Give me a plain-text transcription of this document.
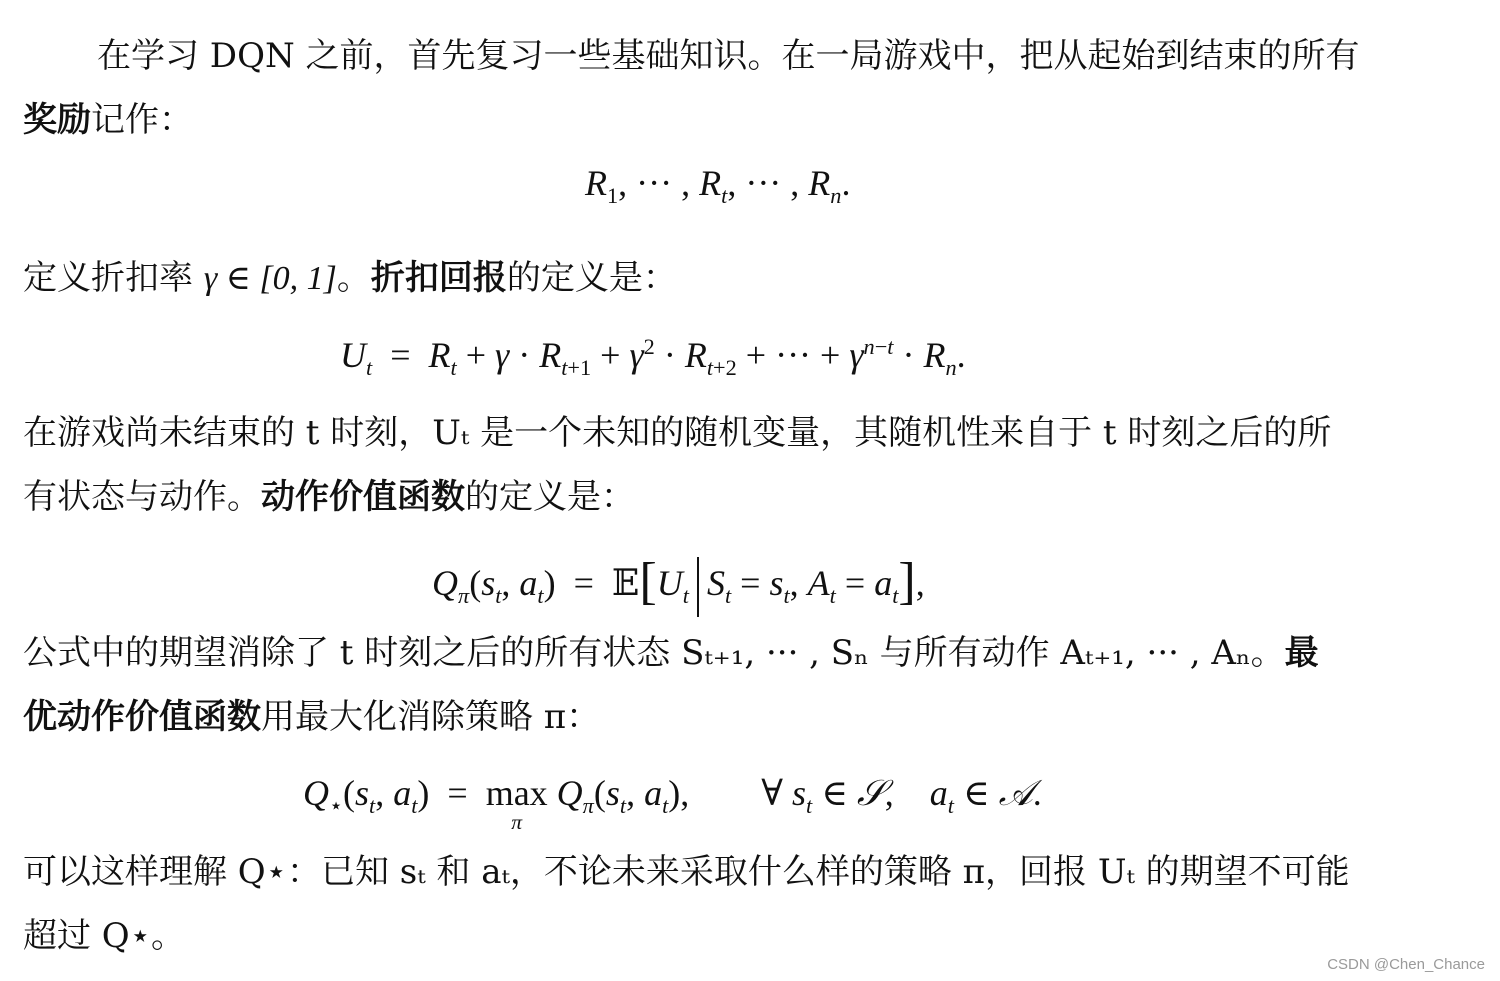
在学习 DQN 之前，首先复习一些基础知识。在一局游戏中，把从起始到结束的所有
奖励记作：
$R_1$, ··· , $R_t$, ··· , $R_n$.
定义折扣率 γ ∈ [0, 1]。折扣回报的定义是：
$U_t = R_t + \gamma \cdot R_{t+1} + \gamma^2 \cdot R_{t+2}$ + ··· + $\gamma^{n-t} \cdot R_n$.
在游戏尚未结束的 t 时刻，Uₜ 是一个未知的随机变量，其随机性来自于 t 时刻之后的所
有状态与动作。动作价值函数的定义是：
$Q_\pi(s_t$, $a_t$)  =  $𝔼[U_t$ $S_t = s_t$, $A_t = a_t$],
公式中的期望消除了 t 时刻之后的所有状态 Sₜ₊₁, ··· , Sₙ 与所有动作 Aₜ₊₁, ··· , Aₙ。最
优动作价值函数用最大化消除策略 π：
$Q_⋆(s_t$, $a_t) = \max$
π
$Q_\pi(s_t$, $a_t$),        ∀ $s_t$ ∈ 𝒮,    $a_t$ ∈ 𝒜.
可以这样理解 Q⋆：已知 sₜ 和 aₜ，不论未来采取什么样的策略 π，回报 Uₜ 的期望不可能
超过 Q⋆。
CSDN @Chen_Chance
